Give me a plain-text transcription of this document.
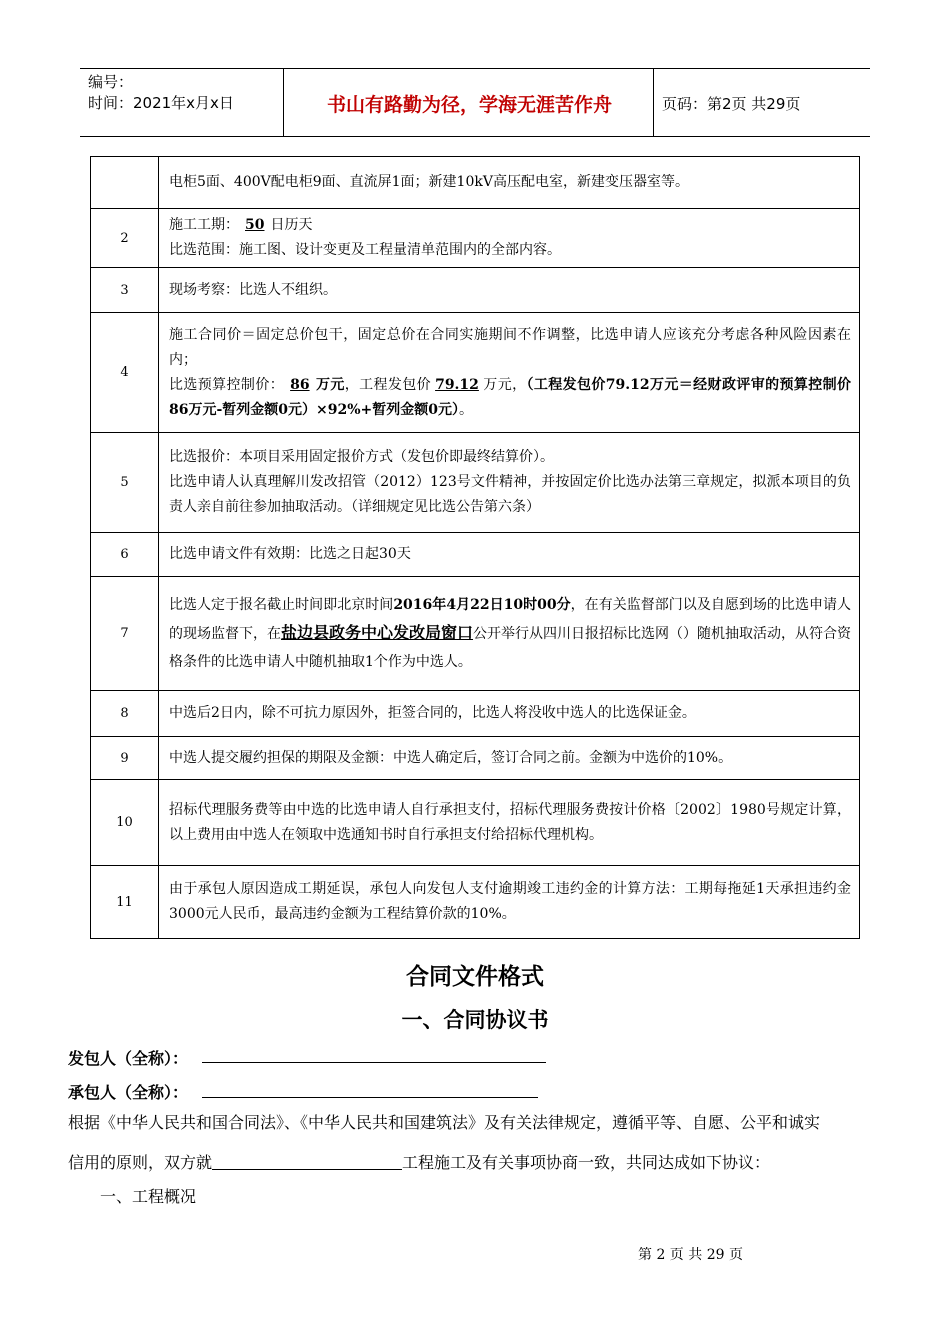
编号：
时间：2021年x月x日	书山有路勤为径，学海无涯苦作舟	页码：第2页 共29页
	电柜5面、400V配电柜9面、直流屏1面；新建10kV高压配电室，新建变压器室等。
2	施工工期： 50 日历天
比选范围：施工图、设计变更及工程量清单范围内的全部内容。

3	现场考察：比选人不组织。
4	施工合同价＝固定总价包干，固定总价在合同实施期间不作调整，比选申请人应该充分考虑各种风险因素在内；
比选预算控制价： 86 万元，工程发包价 79.12 万元，（工程发包价79.12万元＝经财政评审的预算控制价 86万元-暂列金额0元）×92%+暂列金额0元）。

5	比选报价：本项目采用固定报价方式（发包价即最终结算价）。
比选申请人认真理解川发改招管（2012）123号文件精神，并按固定价比选办法第三章规定，拟派本项目的负责人亲自前往参加抽取活动。（详细规定见比选公告第六条）

6	比选申请文件有效期：比选之日起30天
7	比选人定于报名截止时间即北京时间2016年4月22日10时00分，在有关监督部门以及自愿到场的比选申请人的现场监督下，在盐边县政务中心发改局窗口公开举行从四川日报招标比选网（）随机抽取活动，从符合资格条件的比选申请人中随机抽取1个作为中选人。
8	中选后2日内，除不可抗力原因外，拒签合同的，比选人将没收中选人的比选保证金。
9	中选人提交履约担保的期限及金额：中选人确定后，签订合同之前。金额为中选价的10%。
10	招标代理服务费等由中选的比选申请人自行承担支付，招标代理服务费按计价格〔2002〕1980号规定计算，以上费用由中选人在领取中选通知书时自行承担支付给招标代理机构。
11	由于承包人原因造成工期延误，承包人向发包人支付逾期竣工违约金的计算方法：工期每拖延1天承担违约金3000元人民币，最高违约金额为工程结算价款的10%。
合同文件格式
一、合同协议书
发包人（全称）：
承包人（全称）：
根据《中华人民共和国合同法》、《中华人民共和国建筑法》及有关法律规定，遵循平等、自愿、公平和诚实
信用的原则，双方就	工程施工及有关事项协商一致，共同达成如下协议：
一、工程概况
第 2 页 共 29 页
